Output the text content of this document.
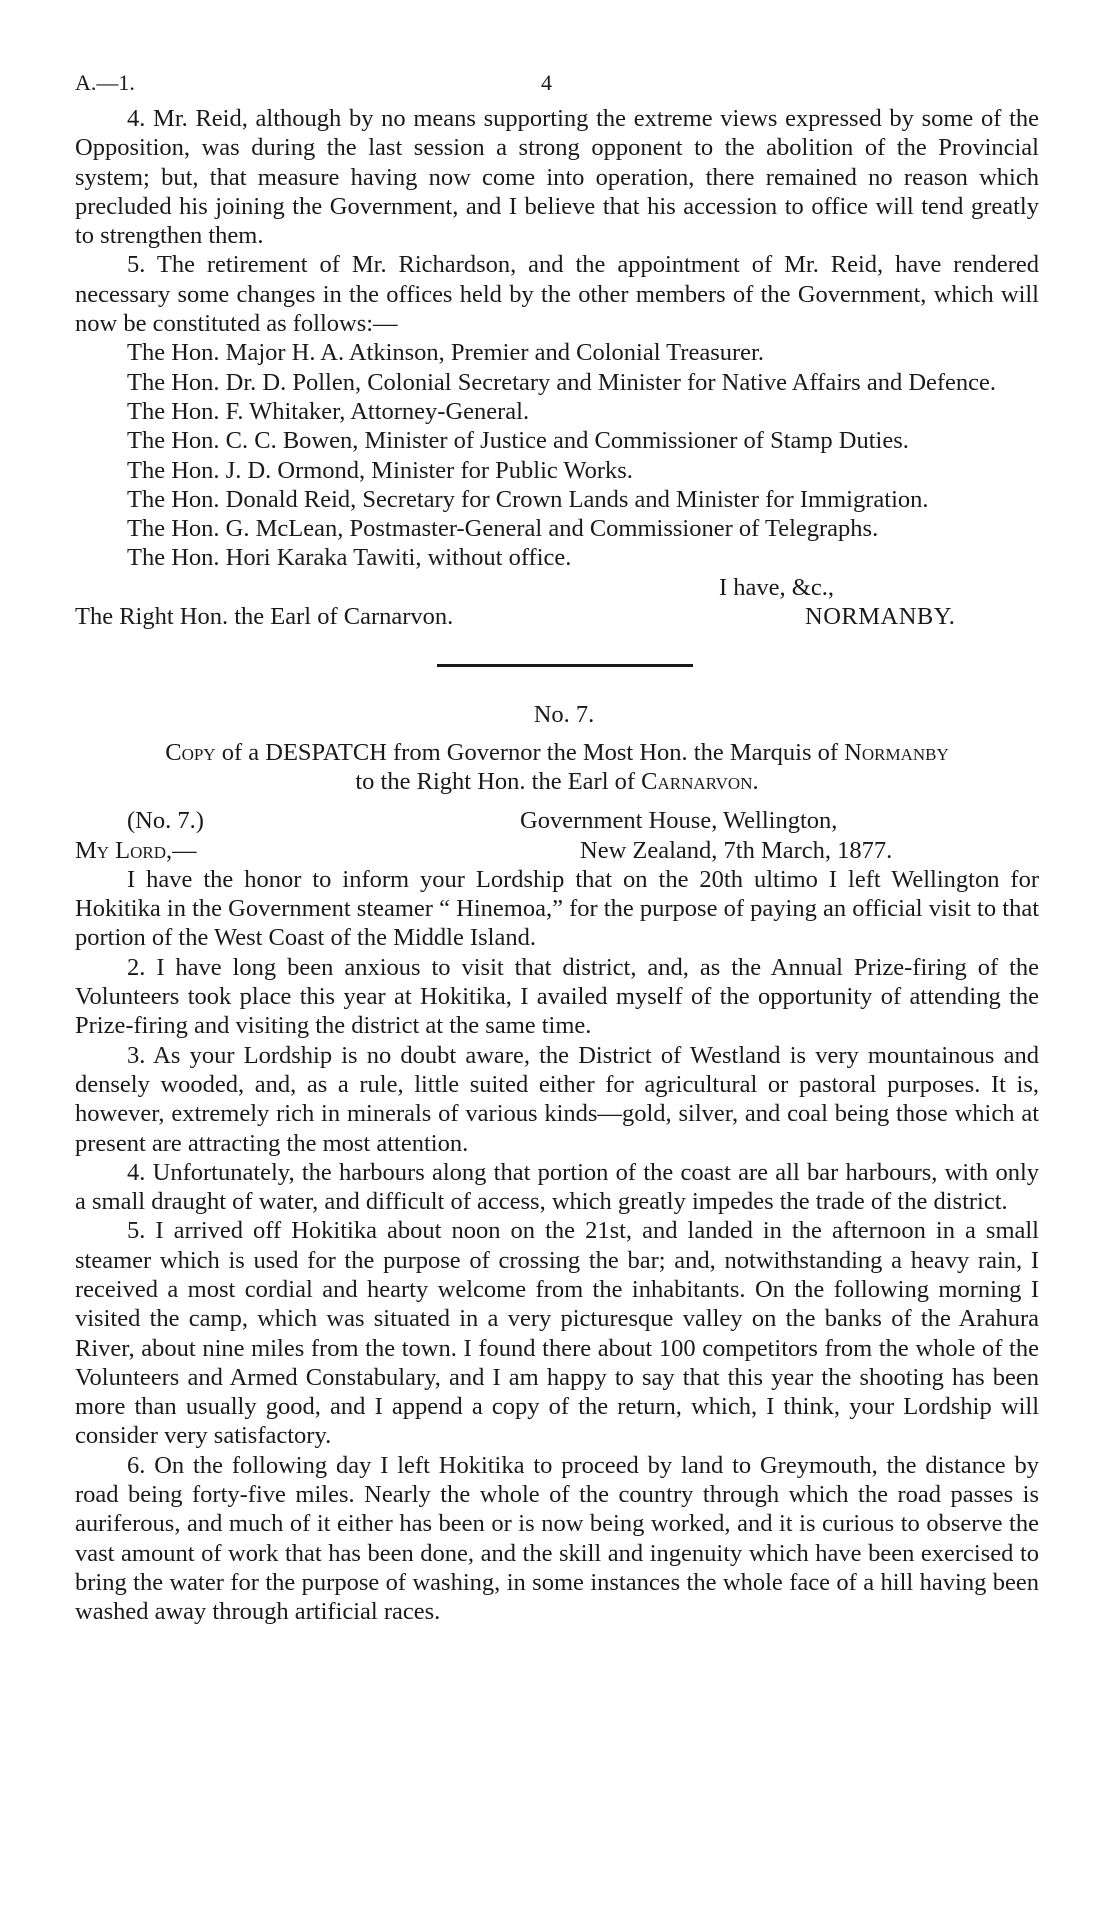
A.—1.	4

4. Mr. Reid, although by no means supporting the extreme views expressed by some of the Opposition, was during the last session a strong opponent to the abolition of the Provincial system; but, that measure having now come into operation, there remained no reason which precluded his joining the Government, and I believe that his accession to office will tend greatly to strengthen them.

5. The retirement of Mr. Richardson, and the appointment of Mr. Reid, have rendered necessary some changes in the offices held by the other members of the Government, which will now be constituted as follows:—

The Hon. Major H. A. Atkinson, Premier and Colonial Treasurer.
The Hon. Dr. D. Pollen, Colonial Secretary and Minister for Native Affairs and Defence.
The Hon. F. Whitaker, Attorney-General.
The Hon. C. C. Bowen, Minister of Justice and Commissioner of Stamp Duties.
The Hon. J. D. Ormond, Minister for Public Works.
The Hon. Donald Reid, Secretary for Crown Lands and Minister for Immigration.
The Hon. G. McLean, Postmaster-General and Commissioner of Telegraphs.
The Hon. Hori Karaka Tawiti, without office.
I have, &c.,
The Right Hon. the Earl of Carnarvon.	NORMANBY.
No. 7.
Copy of a DESPATCH from Governor the Most Hon. the Marquis of Normanby
to the Right Hon. the Earl of Carnarvon.
(No. 7.)	Government House, Wellington,
My Lord,—	New Zealand, 7th March, 1877.

I have the honor to inform your Lordship that on the 20th ultimo I left Wellington for Hokitika in the Government steamer “ Hinemoa,” for the purpose of paying an official visit to that portion of the West Coast of the Middle Island.

2. I have long been anxious to visit that district, and, as the Annual Prize-firing of the Volunteers took place this year at Hokitika, I availed myself of the opportunity of attending the Prize-firing and visiting the district at the same time.

3. As your Lordship is no doubt aware, the District of Westland is very mountainous and densely wooded, and, as a rule, little suited either for agricultural or pastoral purposes. It is, however, extremely rich in minerals of various kinds—gold, silver, and coal being those which at present are attracting the most attention.

4. Unfortunately, the harbours along that portion of the coast are all bar harbours, with only a small draught of water, and difficult of access, which greatly impedes the trade of the district.

5. I arrived off Hokitika about noon on the 21st, and landed in the afternoon in a small steamer which is used for the purpose of crossing the bar; and, notwithstanding a heavy rain, I received a most cordial and hearty welcome from the inhabitants. On the following morning I visited the camp, which was situated in a very picturesque valley on the banks of the Arahura River, about nine miles from the town. I found there about 100 competitors from the whole of the Volunteers and Armed Constabulary, and I am happy to say that this year the shooting has been more than usually good, and I append a copy of the return, which, I think, your Lordship will consider very satisfactory.

6. On the following day I left Hokitika to proceed by land to Greymouth, the distance by road being forty-five miles. Nearly the whole of the country through which the road passes is auriferous, and much of it either has been or is now being worked, and it is curious to observe the vast amount of work that has been done, and the skill and ingenuity which have been exercised to bring the water for the purpose of washing, in some instances the whole face of a hill having been washed away through artificial races.
